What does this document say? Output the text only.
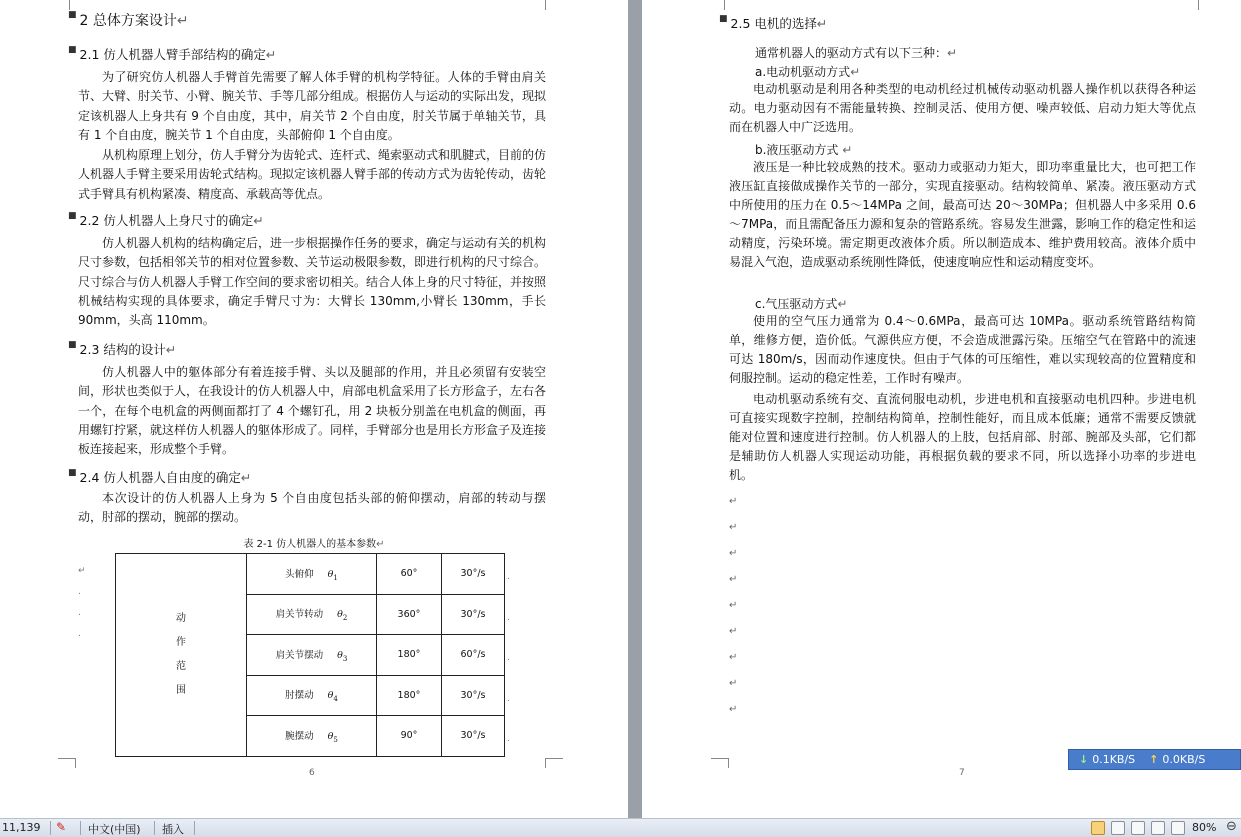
■ 2 总体方案设计↵
■ 2.1 仿人机器人臂手部结构的确定↵

为了研究仿人机器人手臂首先需要了解人体手臂的机构学特征。人体的手臂由肩关节、大臂、肘关节、小臂、腕关节、手等几部分组成。根据仿人与运动的实际出发，现拟定该机器人上身共有 9 个自由度，其中，肩关节 2 个自由度，肘关节属于单轴关节，具有 1 个自由度，腕关节 1 个自由度，头部俯仰 1 个自由度。

从机构原理上划分，仿人手臂分为齿轮式、连杆式、绳索驱动式和肌腱式，目前的仿人机器人手臂主要采用齿轮式结构。现拟定该机器人臂手部的传动方式为齿轮传动，齿轮式手臂具有机构紧凑、精度高、承载高等优点。

■ 2.2 仿人机器人上身尺寸的确定↵

仿人机器人机构的结构确定后，进一步根据操作任务的要求，确定与运动有关的机构尺寸参数，包括相邻关节的相对位置参数、关节运动极限参数，即进行机构的尺寸综合。尺寸综合与仿人机器人手臂工作空间的要求密切相关。结合人体上身的尺寸特征，并按照机械结构实现的具体要求，确定手臂尺寸为：大臂长 130mm,小臂长 130mm，手长 90mm，头高 110mm。

■ 2.3 结构的设计↵

仿人机器人中的躯体部分有着连接手臂、头以及腿部的作用，并且必须留有安装空间，形状也类似于人，在我设计的仿人机器人中，肩部电机盒采用了长方形盒子，左右各一个，在每个电机盒的两侧面都打了 4 个螺钉孔，用 2 块板分别盖在电机盒的侧面，再用螺钉拧紧，就这样仿人机器人的躯体形成了。同样，手臂部分也是用长方形盒子及连接板连接起来，形成整个手臂。

■ 2.4 仿人机器人自由度的确定↵

本次设计的仿人机器人上身为 5 个自由度包括头部的俯仰摆动，肩部的转动与摆动，肘部的摆动，腕部的摆动。

表 2-1 仿人机器人的基本参数↵
↵
.
.
.
动
作
范
围	头俯仰 $\theta_1$	60°	30°/s
	肩关节转动 $\theta_2$	360°	30°/s
	肩关节摆动 $\theta_3$	180°	60°/s
	肘摆动 $\theta_4$	180°	30°/s
	腕摆动 $\theta_5$	90°	30°/s
.
.
.
.
.
6	7
■ 2.5 电机的选择↵
通常机器人的驱动方式有以下三种：↵
a.电动机驱动方式↵

电动机驱动是利用各种类型的电动机经过机械传动驱动机器人操作机以获得各种运动。电力驱动因有不需能量转换、控制灵活、使用方便、噪声较低、启动力矩大等优点而在机器人中广泛选用。

b.液压驱动方式 ↵

液压是一种比较成熟的技术。驱动力或驱动力矩大，即功率重量比大，也可把工作液压缸直接做成操作关节的一部分，实现直接驱动。结构较简单、紧凑。液压驱动方式中所使用的压力在 0.5～14MPa 之间，最高可达 20～30MPa；但机器人中多采用 0.6～7MPa，而且需配备压力源和复杂的管路系统。容易发生泄露，影响工作的稳定性和运动精度，污染环境。需定期更改液体介质。所以制造成本、维护费用较高。液体介质中易混入气泡，造成驱动系统刚性降低，使速度响应性和运动精度变坏。

c.气压驱动方式↵

使用的空气压力通常为 0.4～0.6MPa，最高可达 10MPa。驱动系统管路结构简单，维修方便，造价低。气源供应方便，不会造成泄露污染。压缩空气在管路中的流速可达 180m/s，因而动作速度快。但由于气体的可压缩性，难以实现较高的位置精度和伺服控制。运动的稳定性差，工作时有噪声。

电动机驱动系统有交、直流伺服电动机，步进电机和直接驱动电机四种。步进电机可直接实现数字控制，控制结构简单，控制性能好，而且成本低廉；通常不需要反馈就能对位置和速度进行控制。仿人机器人的上肢，包括肩部、肘部、腕部及头部，它们都是辅助仿人机器人实现运动功能，再根据负载的要求不同，所以选择小功率的步进电机。

↵
↵
↵
↵
↵
↵
↵
↵
↵
↓ 0.1KB/S ↑ 0.0KB/S
11,139 ✎ 中文(中国) 插入	80% ⊖
